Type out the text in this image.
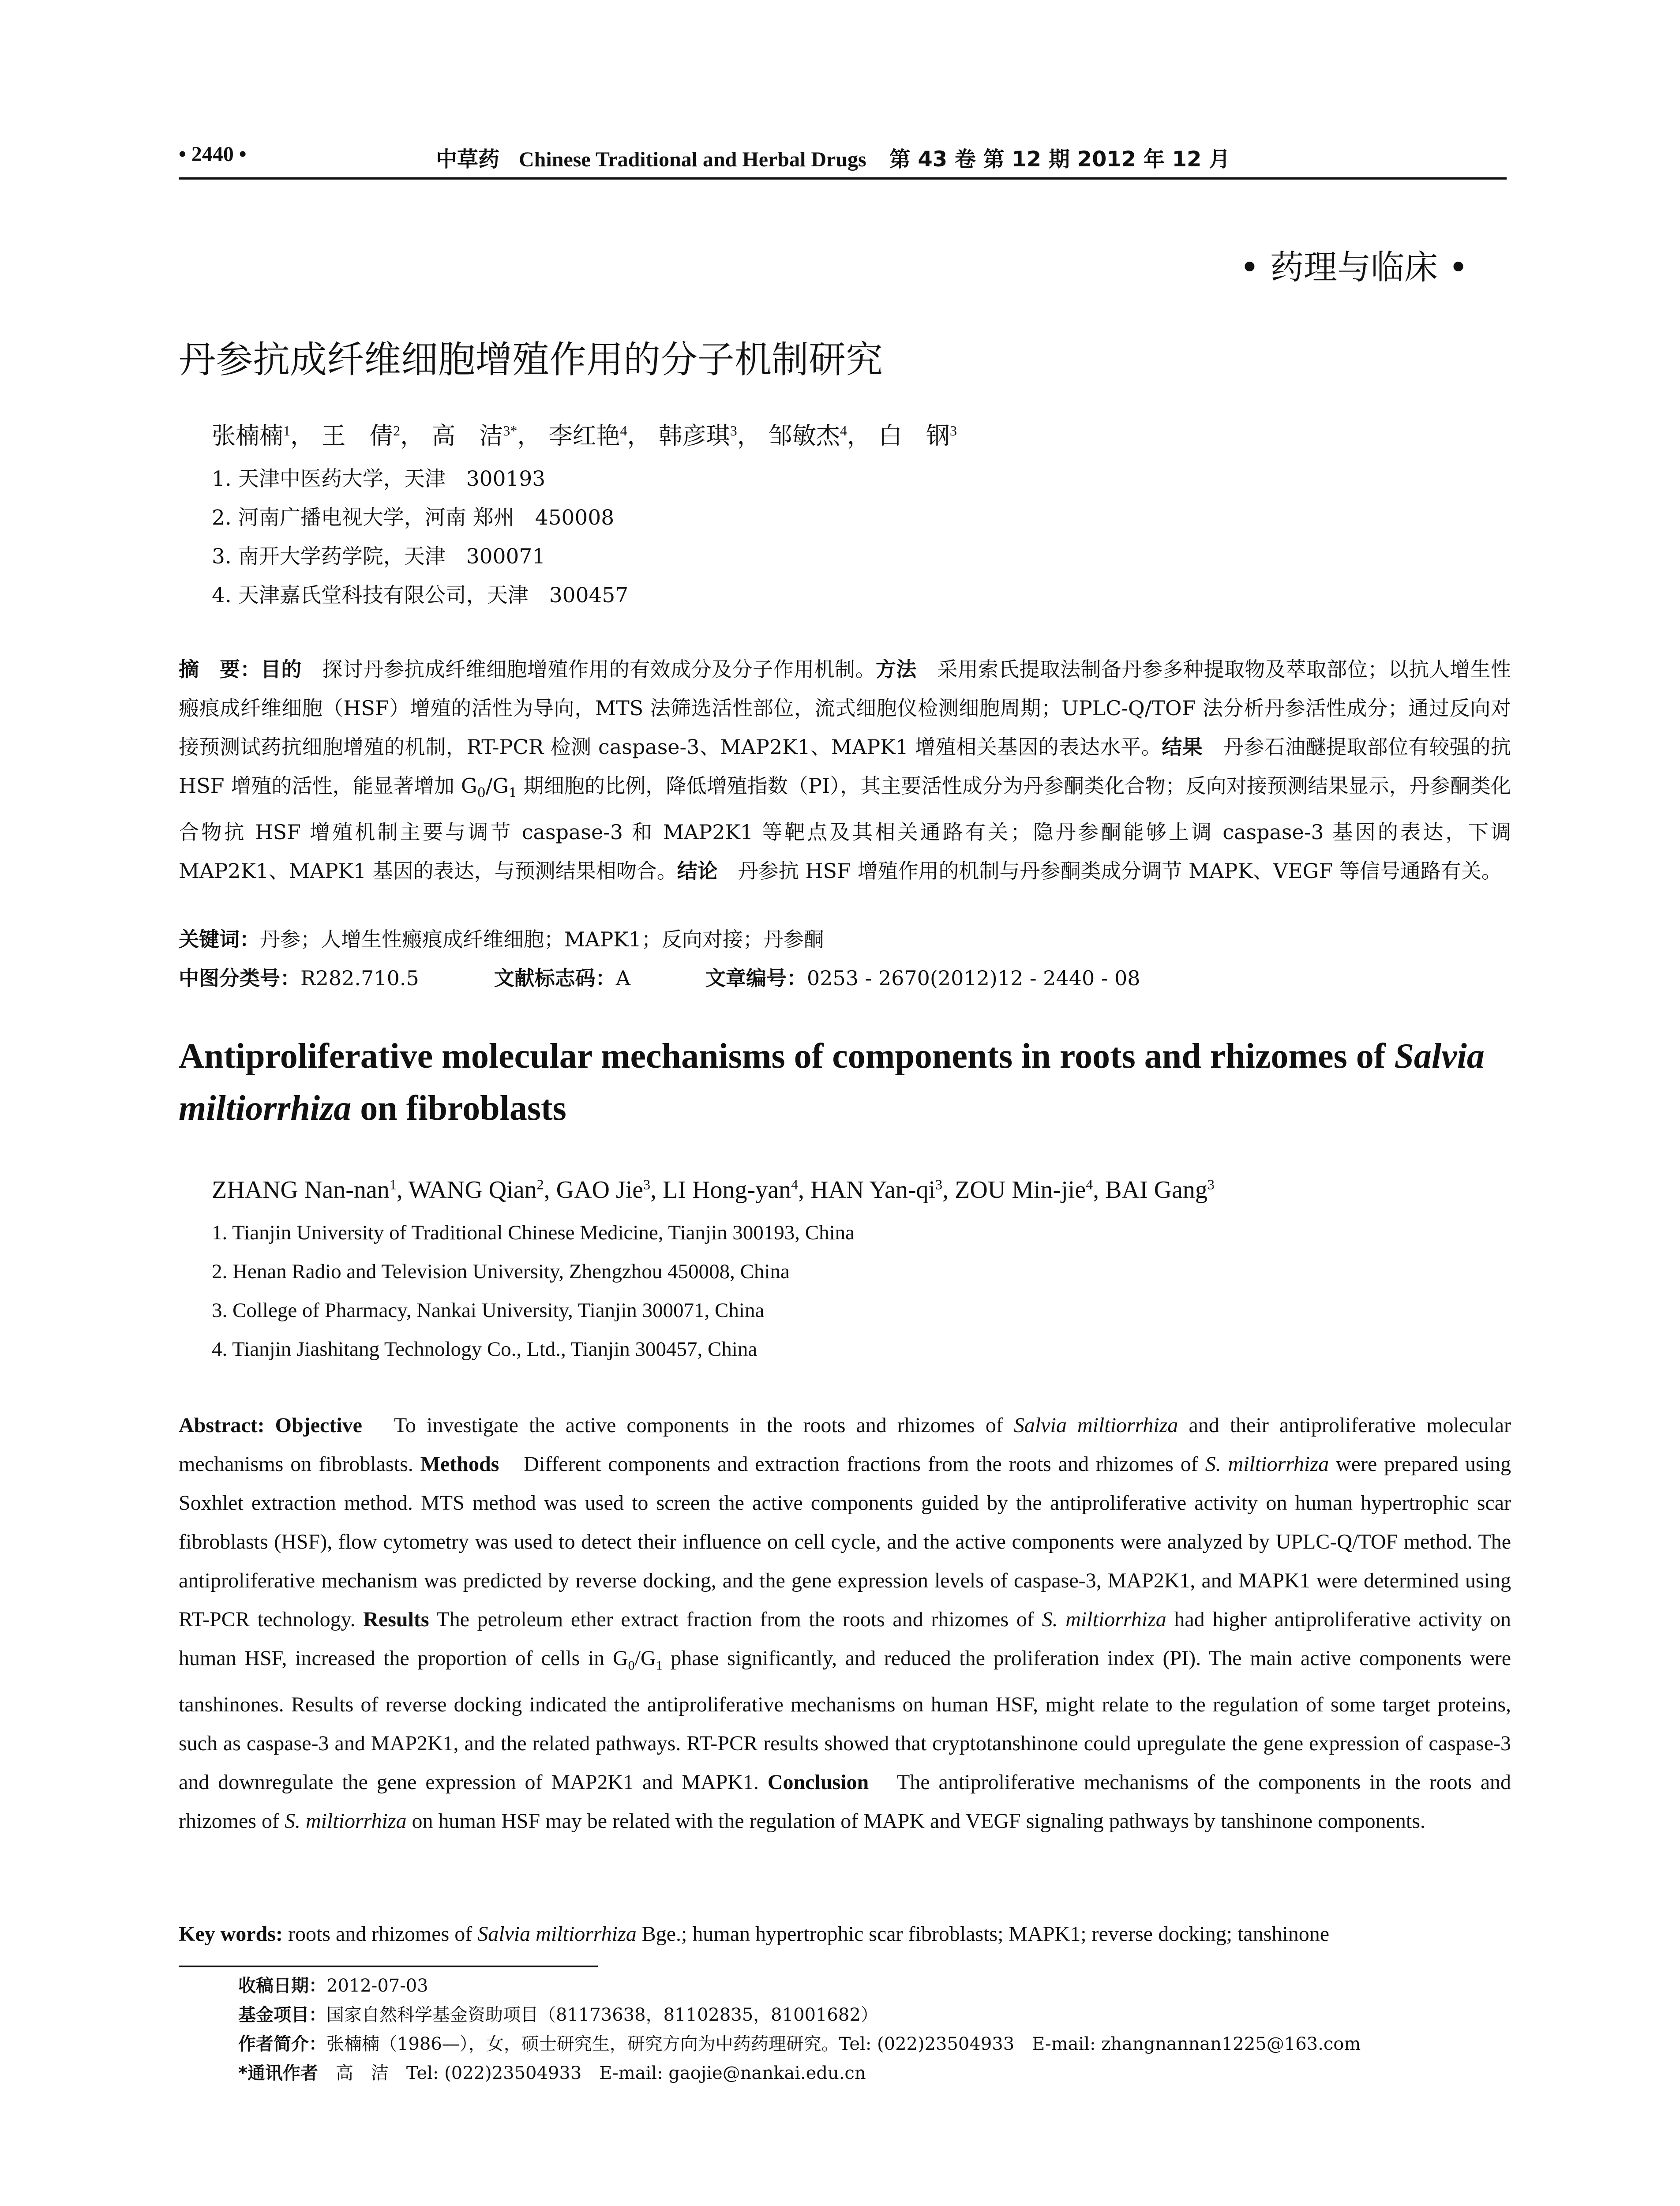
• 2440 •	中草药 Chinese Traditional and Herbal Drugs 第 43 卷 第 12 期 2012 年 12 月
• 药理与临床 •
丹参抗成纤维细胞增殖作用的分子机制研究
张楠楠$^1$， 王　倩$^2$， 高　洁$^{3*}$， 李红艳$^4$， 韩彦琪$^3$， 邹敏杰$^4$， 白　钢$^3$
1. 天津中医药大学，天津　300193
2. 河南广播电视大学，河南 郑州　450008
3. 南开大学药学院，天津　300071
4. 天津嘉氏堂科技有限公司，天津　300457
摘　要：目的　探讨丹参抗成纤维细胞增殖作用的有效成分及分子作用机制。方法　采用索氏提取法制备丹参多种提取物及萃取部位；以抗人增生性瘢痕成纤维细胞（HSF）增殖的活性为导向，MTS 法筛选活性部位，流式细胞仪检测细胞周期；UPLC-Q/TOF 法分析丹参活性成分；通过反向对接预测试药抗细胞增殖的机制，RT-PCR 检测 caspase-3、MAP2K1、MAPK1 增殖相关基因的表达水平。结果　丹参石油醚提取部位有较强的抗 HSF 增殖的活性，能显著增加 $G_0/G_1$ 期细胞的比例，降低增殖指数（PI），其主要活性成分为丹参酮类化合物；反向对接预测结果显示，丹参酮类化合物抗 HSF 增殖机制主要与调节 caspase-3 和 MAP2K1 等靶点及其相关通路有关；隐丹参酮能够上调 caspase-3 基因的表达，下调 MAP2K1、MAPK1 基因的表达，与预测结果相吻合。结论　丹参抗 HSF 增殖作用的机制与丹参酮类成分调节 MAPK、VEGF 等信号通路有关。
关键词：丹参；人增生性瘢痕成纤维细胞；MAPK1；反向对接；丹参酮
中图分类号：R282.710.5	文献标志码：A	文章编号：0253 - 2670(2012)12 - 2440 - 08
Antiproliferative molecular mechanisms of components in roots and rhizomes of Salvia miltiorrhiza on fibroblasts
ZHANG Nan-nan$^1$, WANG Qian$^2$, GAO Jie$^3$, LI Hong-yan$^4$, HAN Yan-$qi^3$, ZOU Min-jie$^4$, BAI Gang$^3$
1. Tianjin University of Traditional Chinese Medicine, Tianjin 300193, China
2. Henan Radio and Television University, Zhengzhou 450008, China
3. College of Pharmacy, Nankai University, Tianjin 300071, China
4. Tianjin Jiashitang Technology Co., Ltd., Tianjin 300457, China
Abstract: Objective　To investigate the active components in the roots and rhizomes of Salvia miltiorrhiza and their antiproliferative molecular mechanisms on fibroblasts. Methods　Different components and extraction fractions from the roots and rhizomes of S. miltiorrhiza were prepared using Soxhlet extraction method. MTS method was used to screen the active components guided by the antiproliferative activity on human hypertrophic scar fibroblasts (HSF), flow cytometry was used to detect their influence on cell cycle, and the active components were analyzed by UPLC-Q/TOF method. The antiproliferative mechanism was predicted by reverse docking, and the gene expression levels of caspase-3, MAP2K1, and MAPK1 were determined using RT-PCR technology. Results The petroleum ether extract fraction from the roots and rhizomes of S. miltiorrhiza had higher antiproliferative activity on human HSF, increased the proportion of cells in $G_0/G_1$ phase significantly, and reduced the proliferation index (PI). The main active components were tanshinones. Results of reverse docking indicated the antiproliferative mechanisms on human HSF, might relate to the regulation of some target proteins, such as caspase-3 and MAP2K1, and the related pathways. RT-PCR results showed that cryptotanshinone could upregulate the gene expression of caspase-3 and downregulate the gene expression of MAP2K1 and MAPK1. Conclusion　The antiproliferative mechanisms of the components in the roots and rhizomes of S. miltiorrhiza on human HSF may be related with the regulation of MAPK and VEGF signaling pathways by tanshinone components.
Key words: roots and rhizomes of Salvia miltiorrhiza Bge.; human hypertrophic scar fibroblasts; MAPK1; reverse docking; tanshinone
收稿日期：2012-07-03
基金项目：国家自然科学基金资助项目（81173638，81102835，81001682）
作者简介：张楠楠（1986—），女，硕士研究生，研究方向为中药药理研究。Tel: (022)23504933　E-mail: zhangnannan1225@163.com
*通讯作者　高　洁　Tel: (022)23504933　E-mail: gaojie@nankai.edu.cn
